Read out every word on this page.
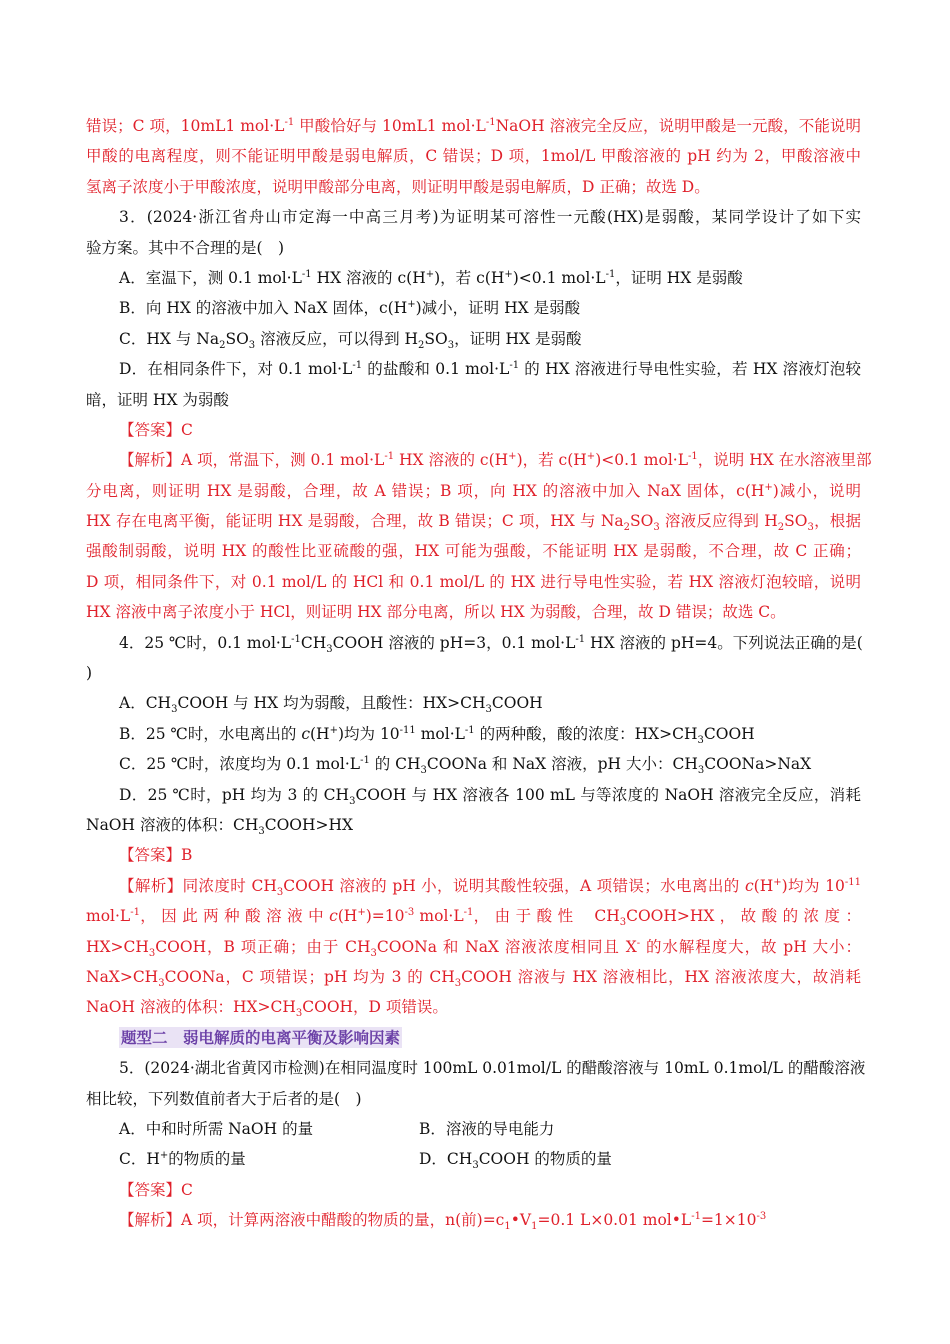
错误；C 项，10mL1 $mol\cdot L^{-1}$ 甲酸恰好与 10mL1 $mol\cdot L^{-1}NaOH$ 溶液完全反应，说明甲酸是一元酸，不能说明
甲酸的电离程度，则不能证明甲酸是弱电解质，C 错误；D 项，1mol/L 甲酸溶液的 pH 约为 2，甲酸溶液中
氢离子浓度小于甲酸浓度，说明甲酸部分电离，则证明甲酸是弱电解质，D 正确；故选 D。
3．(2024·浙江省舟山市定海一中高三月考)为证明某可溶性一元酸(HX)是弱酸，某同学设计了如下实
验方案。其中不合理的是(　)
A．室温下，测 0.1 $mol\cdot L^{-1}$ HX 溶液的 c(H+)，若 c(H+)<0.1 $mol\cdot L^{-1}$，证明 HX 是弱酸
B．向 HX 的溶液中加入 NaX 固体，c(H+)减小，证明 HX 是弱酸
C．HX 与 $Na_2SO_3$ 溶液反应，可以得到 $H_2SO_3$，证明 HX 是弱酸
D．在相同条件下，对 0.1 $mol\cdot L^{-1}$ 的盐酸和 0.1 $mol\cdot L^{-1}$ 的 HX 溶液进行导电性实验，若 HX 溶液灯泡较
暗，证明 HX 为弱酸
【答案】C
【解析】A 项，常温下，测 0.1 $mol\cdot L^{-1}$ HX 溶液的 c(H+)，若 c(H+)<0.1 $mol\cdot L^{-1}$，说明 HX 在水溶液里部
分电离，则证明 HX 是弱酸，合理，故 A 错误；B 项，向 HX 的溶液中加入 NaX 固体，c(H+)减小，说明
HX 存在电离平衡，能证明 HX 是弱酸，合理，故 B 错误；C 项，HX 与 $Na_2SO_3$ 溶液反应得到 $H_2SO_3$，根据
强酸制弱酸，说明 HX 的酸性比亚硫酸的强，HX 可能为强酸，不能证明 HX 是弱酸，不合理，故 C 正确；
D 项，相同条件下，对 0.1 mol/L 的 HCl 和 0.1 mol/L 的 HX 进行导电性实验，若 HX 溶液灯泡较暗，说明
HX 溶液中离子浓度小于 HCl，则证明 HX 部分电离，所以 HX 为弱酸，合理，故 D 错误；故选 C。
4．25 ℃时，0.1 $mol\cdot L^{-1}CH_3COOH$ 溶液的 pH=3，0.1 $mol\cdot L^{-1}$ HX 溶液的 pH=4。下列说法正确的是(
)
A．$CH_3COOH$ 与 HX 均为弱酸，且酸性：$HX>CH_3COOH$
B．25 ℃时，水电离出的 c(H+)均为 $10^{-11}$ $mol\cdot L^{-1}$ 的两种酸，酸的浓度：$HX>CH_3COOH$
C．25 ℃时，浓度均为 0.1 $mol\cdot L^{-1}$ 的 $CH_3COONa$ 和 NaX 溶液，pH 大小：$CH_3COONa>NaX$
D．25 ℃时，pH 均为 3 的 $CH_3COOH$ 与 HX 溶液各 100 mL 与等浓度的 NaOH 溶液完全反应，消耗
NaOH 溶液的体积：$CH_3COOH>HX$
【答案】B
【解析】同浓度时 $CH_3COOH$ 溶液的 pH 小，说明其酸性较强，A 项错误；水电离出的 c(H+)均为 $10^{-11}$
$mol\cdot L^{-1}$， 因 此 两 种 酸 溶 液 中 $c(H^+)=10^{-3}$ $mol\cdot L^{-1}$， 由 于 酸 性 　$CH_3COOH>HX$ ， 故 酸 的 浓 度 ：
$HX>CH_3COOH$，B 项正确；由于 $CH_3COONa$ 和 NaX 溶液浓度相同且 X- 的水解程度大，故 pH 大小：
$NaX>CH_3COONa$，C 项错误；pH 均为 3 的 $CH_3COOH$ 溶液与 HX 溶液相比，HX 溶液浓度大，故消耗
NaOH 溶液的体积：$HX>CH_3COOH$，D 项错误。
题型二　弱电解质的电离平衡及影响因素
5．(2024·湖北省黄冈市检测)在相同温度时 100mL 0.01mol/L 的醋酸溶液与 10mL 0.1mol/L 的醋酸溶液
相比较，下列数值前者大于后者的是(　)
A．中和时所需 NaOH 的量	B．溶液的导电能力
C．H+的物质的量	D．$CH_3COOH$ 的物质的量
【答案】C
【解析】A 项，计算两溶液中醋酸的物质的量，n(前)$=c_1•V_1=0.1$ L×0.01 $mol•L^{-1}=1\times 10^{-3}$
